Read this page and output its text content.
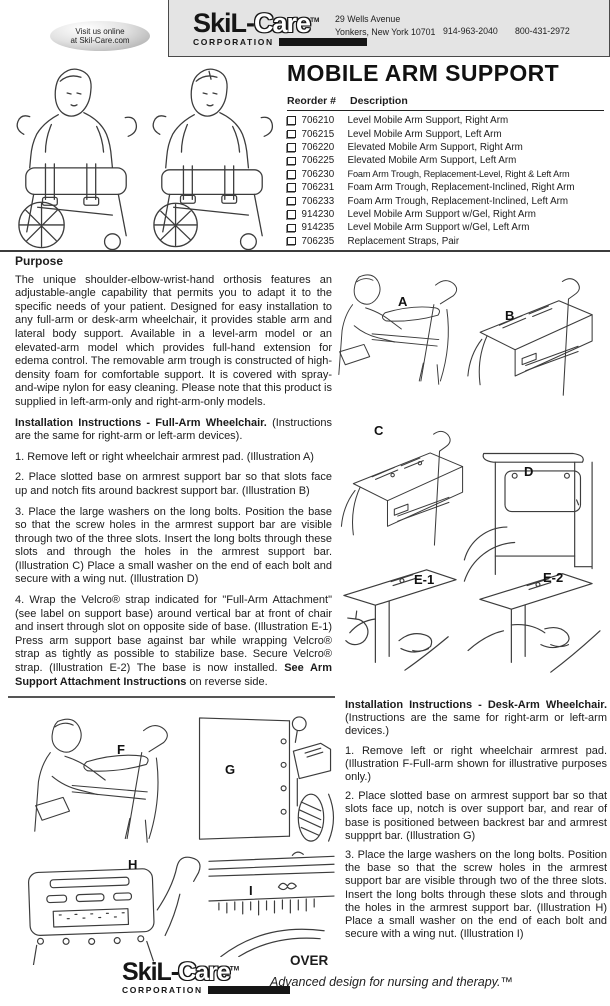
SkiL-Care™
CORPORATION
29 Wells Avenue
Yonkers, New York 10701 914-963-2040 800-431-2972
Visit us online
at Skil-Care.com
MOBILE ARM SUPPORT
Reorder #	Description
706210	Level Mobile Arm Support, Right Arm
706215	Level Mobile Arm Support, Left Arm
706220	Elevated Mobile Arm Support, Right Arm
706225	Elevated Mobile Arm Support, Left Arm
706230	Foam Arm Trough, Replacement-Level, Right & Left Arm
706231	Foam Arm Trough, Replacement-Inclined, Right Arm
706233	Foam Arm Trough, Replacement-Inclined, Left Arm
914230	Level Mobile Arm Support w/Gel, Right Arm
914235	Level Mobile Arm Support w/Gel, Left Arm
706235	Replacement Straps, Pair
Purpose

The unique shoulder-elbow-wrist-hand orthosis features an adjustable-angle capability that permits you to adapt it to the specific needs of your patient. Designed for easy installation to any full-arm or desk-arm wheelchair, it provides stable arm and lateral body support. Available in a level-arm model or an elevated-arm model which provides full-hand extension for edema control. The removable arm trough is constructed of high-density foam for comfortable support. It is covered with spray-and-wipe nylon for easy cleaning. Please note that this product is supplied in left-arm-only and right-arm-only models.

Installation Instructions - Full-Arm Wheelchair. (Instructions are the same for right-arm or left-arm devices).

1. Remove left or right wheelchair armrest pad. (Illustration A)

2. Place slotted base on armrest support bar so that slots face up and notch fits around backrest support bar. (Illustration B)

3. Place the large washers on the long bolts. Position the base so that the screw holes in the armrest support bar are visible through two of the three slots. Insert the long bolts through these slots and through the holes in the armrest support bar. (Illustration C) Place a small washer on the end of each bolt and secure with a wing nut. (Illustration D)

4. Wrap the Velcro® strap indicated for "Full-Arm Attachment" (see label on support base) around vertical bar at front of chair and insert through slot on opposite side of base. (Illustration E-1) Press arm support base against bar while wrapping Velcro® strap as tightly as possible to stabilize base. Secure Velcro® strap. (Illustration E-2) The base is now installed. See Arm Support Attachment Instructions on reverse side.

A
B
C
D
E-1	E-2
F
G
H
I

Installation Instructions - Desk-Arm Wheelchair. (Instructions are the same for right-arm or left-arm devices.)

1. Remove left or right wheelchair armrest pad. (Illustration F-Full-arm shown for illustrative purposes only.)

2. Place slotted base on armrest support bar so that slots face up, notch is over support bar, and rear of base is positioned between backrest bar and armrest suppprt bar. (Illustration G)

3. Place the large washers on the long bolts. Position the base so that the screw holes in the armrest support bar are visible through two of the three slots. Insert the long bolts through these slots and through the holes in the armrest support bar. (Illustration H) Place a small washer on the end of each bolt and secure with a wing nut. (Illustration I)

SkiL-Care™
CORPORATION
OVER
Advanced design for nursing and therapy.™
